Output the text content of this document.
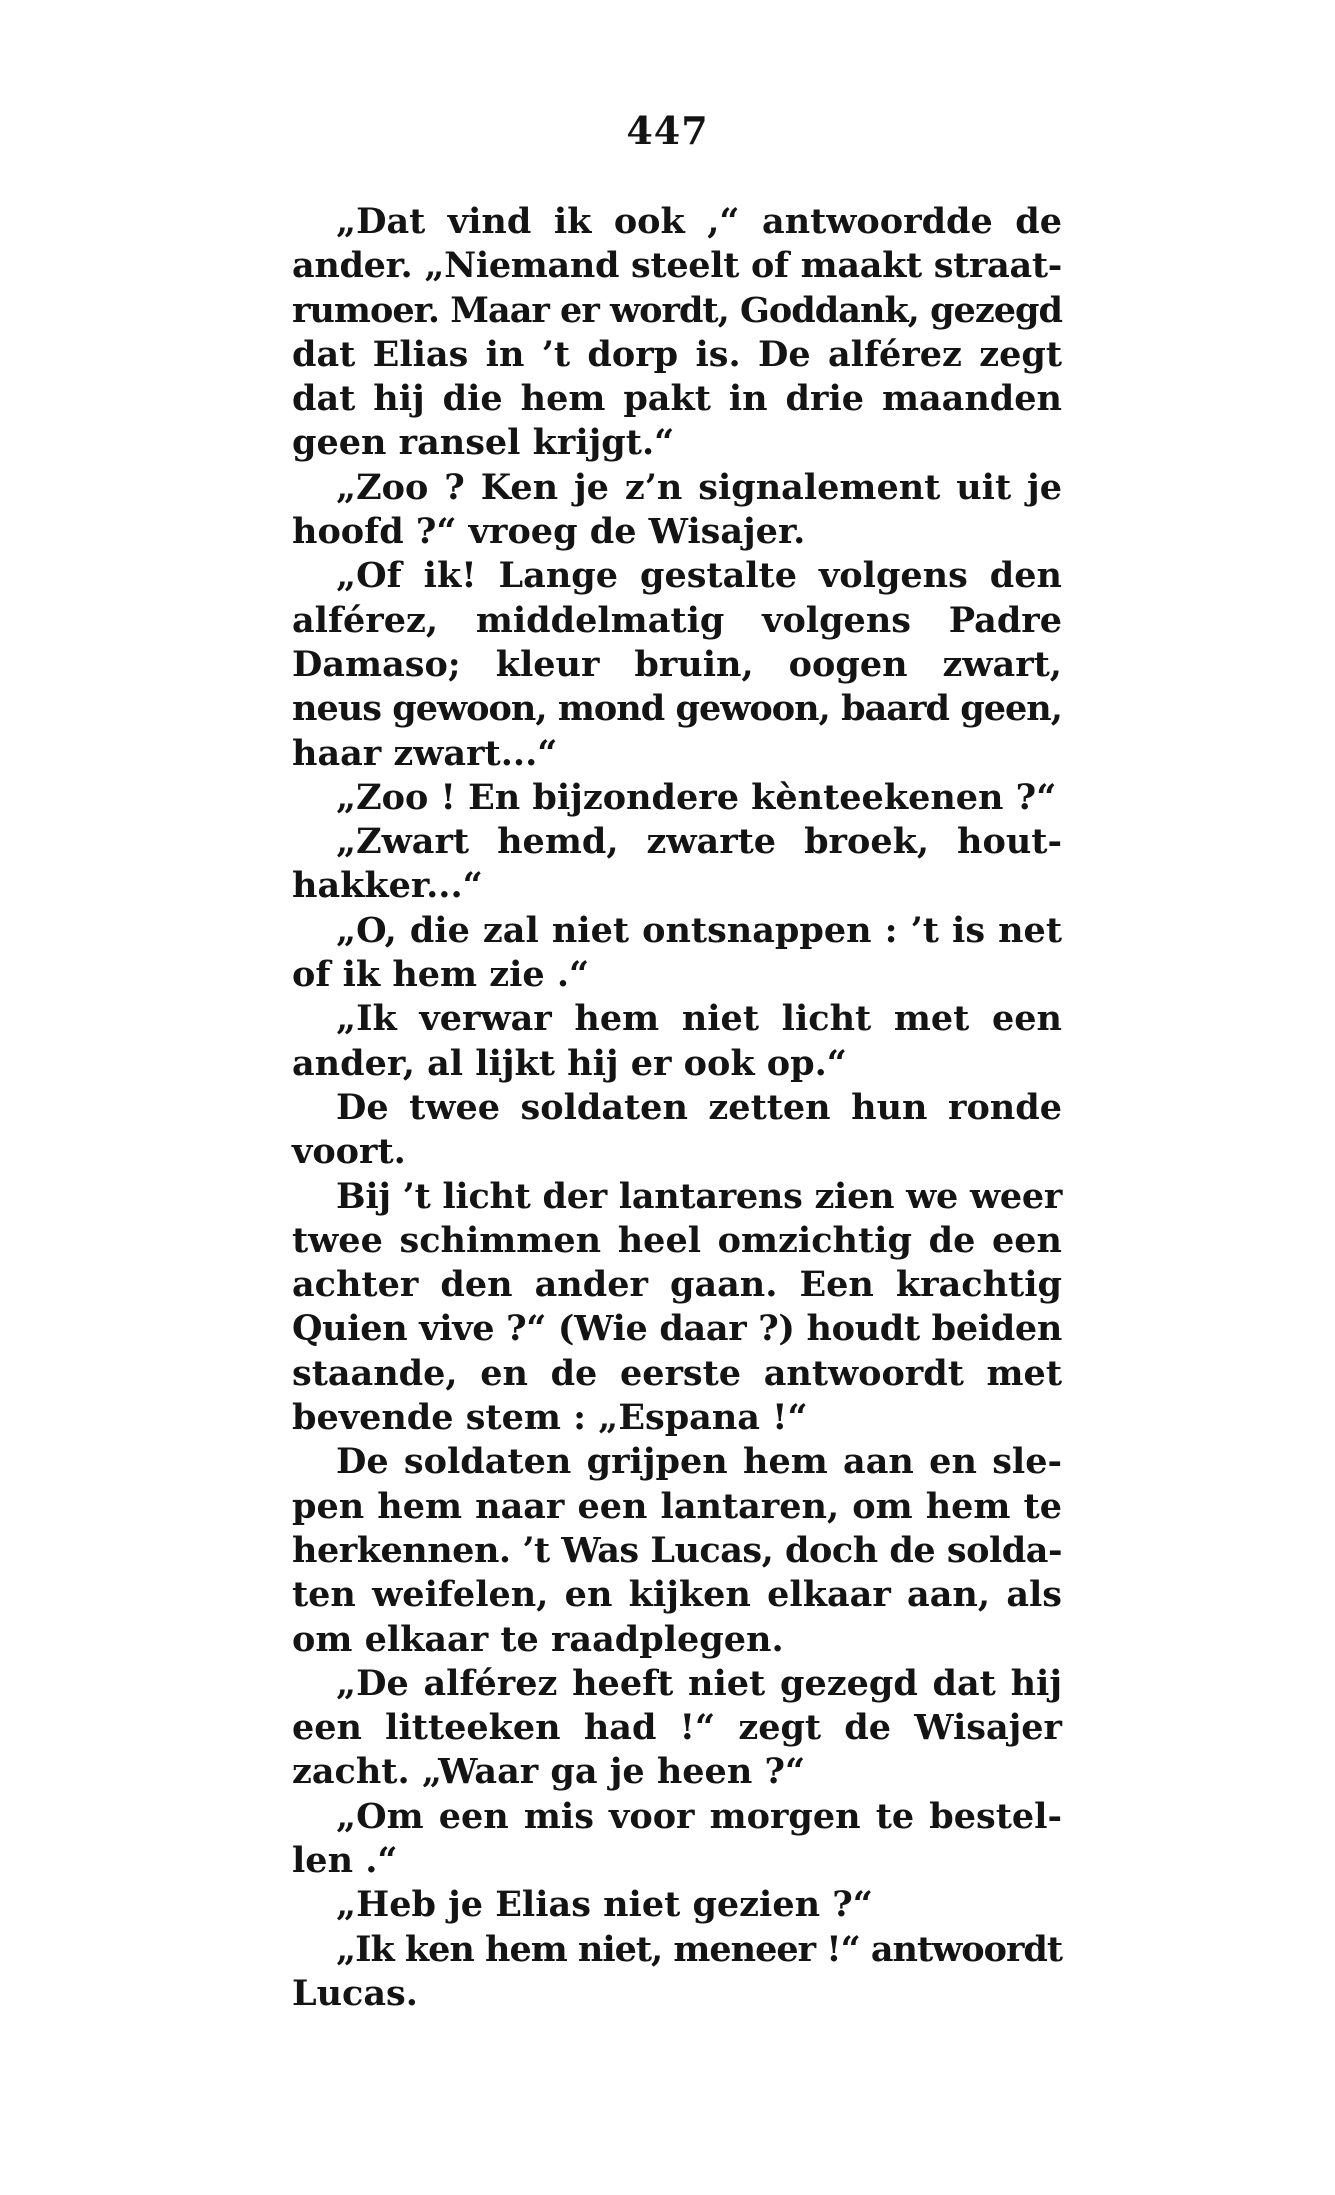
447
„Dat vind ik ook ,“ antwoordde de
ander. „Niemand steelt of maakt straat-
rumoer. Maar er wordt, Goddank, gezegd
dat Elias in ’t dorp is. De alférez zegt
dat hij die hem pakt in drie maanden
geen ransel krijgt.“
„Zoo ? Ken je z’n signalement uit je
hoofd ?“ vroeg de Wisajer.
„Of ik! Lange gestalte volgens den
alférez, middelmatig volgens Padre
Damaso; kleur bruin, oogen zwart,
neus gewoon, mond gewoon, baard geen,
haar zwart...“
„Zoo ! En bijzondere kènteekenen ?“
„Zwart hemd, zwarte broek, hout-
hakker...“
„O, die zal niet ontsnappen : ’t is net
of ik hem zie .“
„Ik verwar hem niet licht met een
ander, al lijkt hij er ook op.“
De twee soldaten zetten hun ronde
voort.
Bij ’t licht der lantarens zien we weer
twee schimmen heel omzichtig de een
achter den ander gaan. Een krachtig
Quien vive ?“ (Wie daar ?) houdt beiden
staande, en de eerste antwoordt met
bevende stem : „Espana !“
De soldaten grijpen hem aan en sle-
pen hem naar een lantaren, om hem te
herkennen. ’t Was Lucas, doch de solda-
ten weifelen, en kijken elkaar aan, als
om elkaar te raadplegen.
„De alférez heeft niet gezegd dat hij
een litteeken had !“ zegt de Wisajer
zacht. „Waar ga je heen ?“
„Om een mis voor morgen te bestel-
len .“
„Heb je Elias niet gezien ?“
„Ik ken hem niet, meneer !“ antwoordt
Lucas.
